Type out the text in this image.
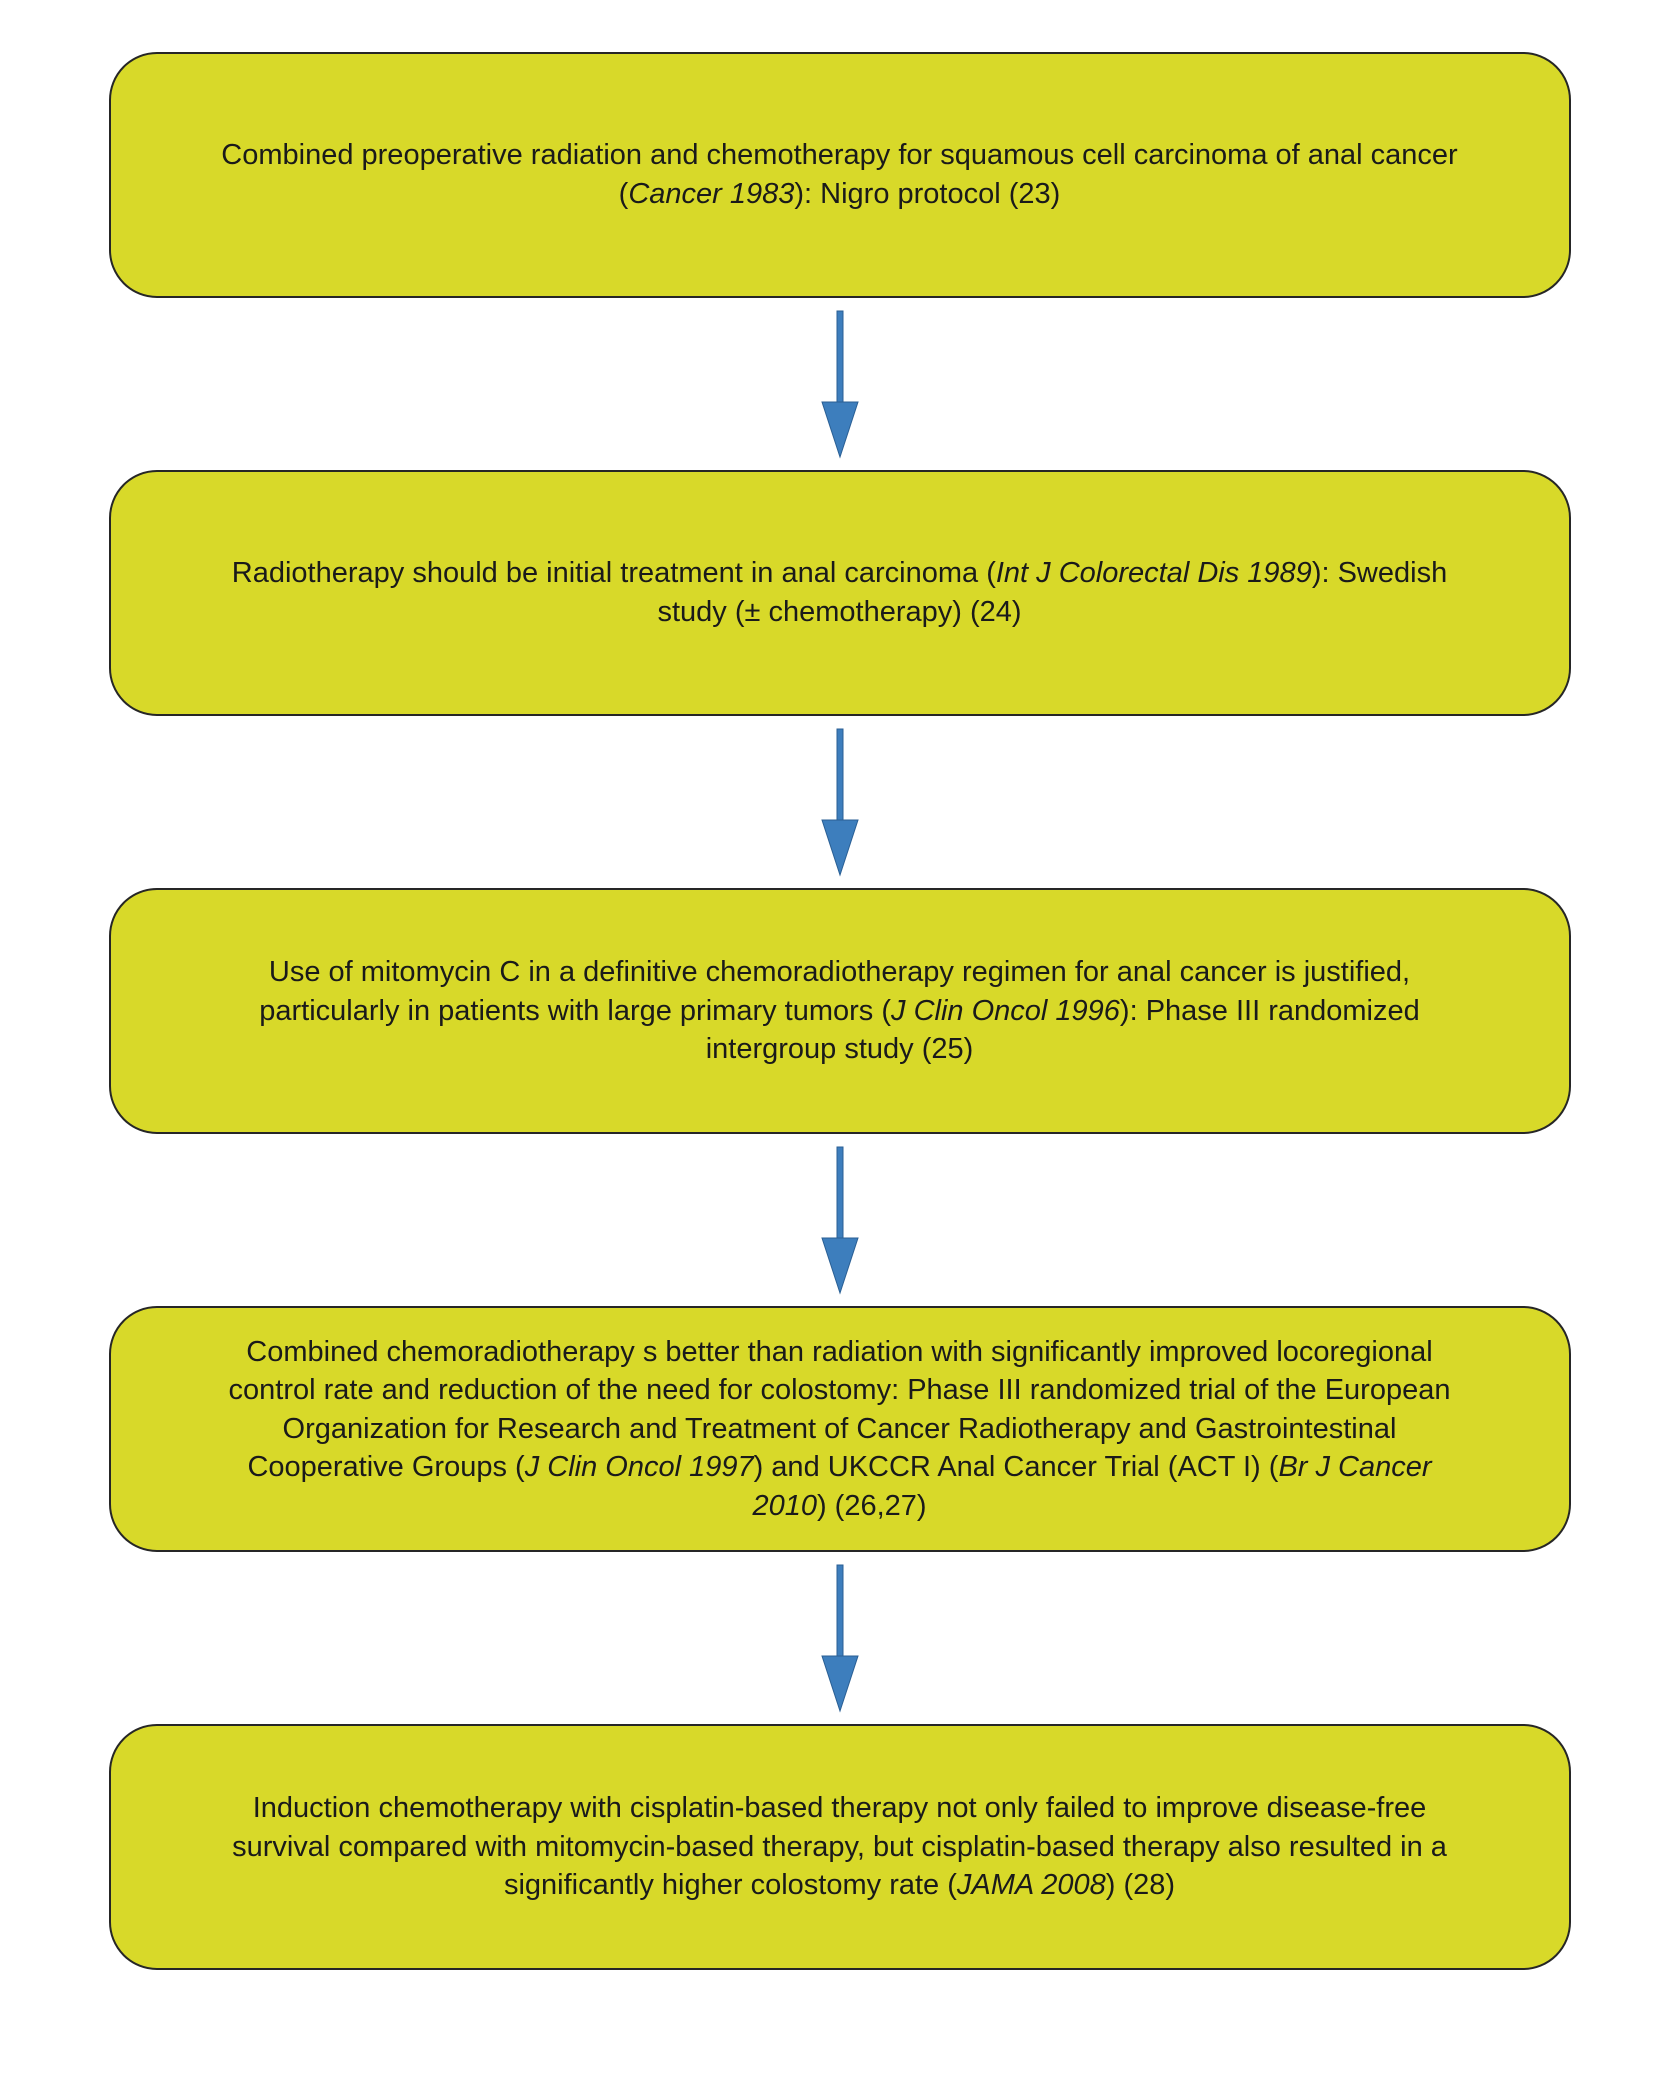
Combined preoperative radiation and chemotherapy for squamous cell carcinoma of anal cancer (Cancer 1983): Nigro protocol (23)

Radiotherapy should be initial treatment in anal carcinoma (Int J Colorectal Dis 1989): Swedish study (± chemotherapy) (24)

Use of mitomycin C in a definitive chemoradiotherapy regimen for anal cancer is justified, particularly in patients with large primary tumors (J Clin Oncol 1996): Phase III randomized intergroup study (25)

Combined chemoradiotherapy s better than radiation with significantly improved locoregional control rate and reduction of the need for colostomy: Phase III randomized trial of the European Organization for Research and Treatment of Cancer Radiotherapy and Gastrointestinal Cooperative Groups (J Clin Oncol 1997) and UKCCR Anal Cancer Trial (ACT I) (Br J Cancer 2010) (26,27)

Induction chemotherapy with cisplatin-based therapy not only failed to improve disease-free survival compared with mitomycin-based therapy, but cisplatin-based therapy also resulted in a significantly higher colostomy rate (JAMA 2008) (28)
